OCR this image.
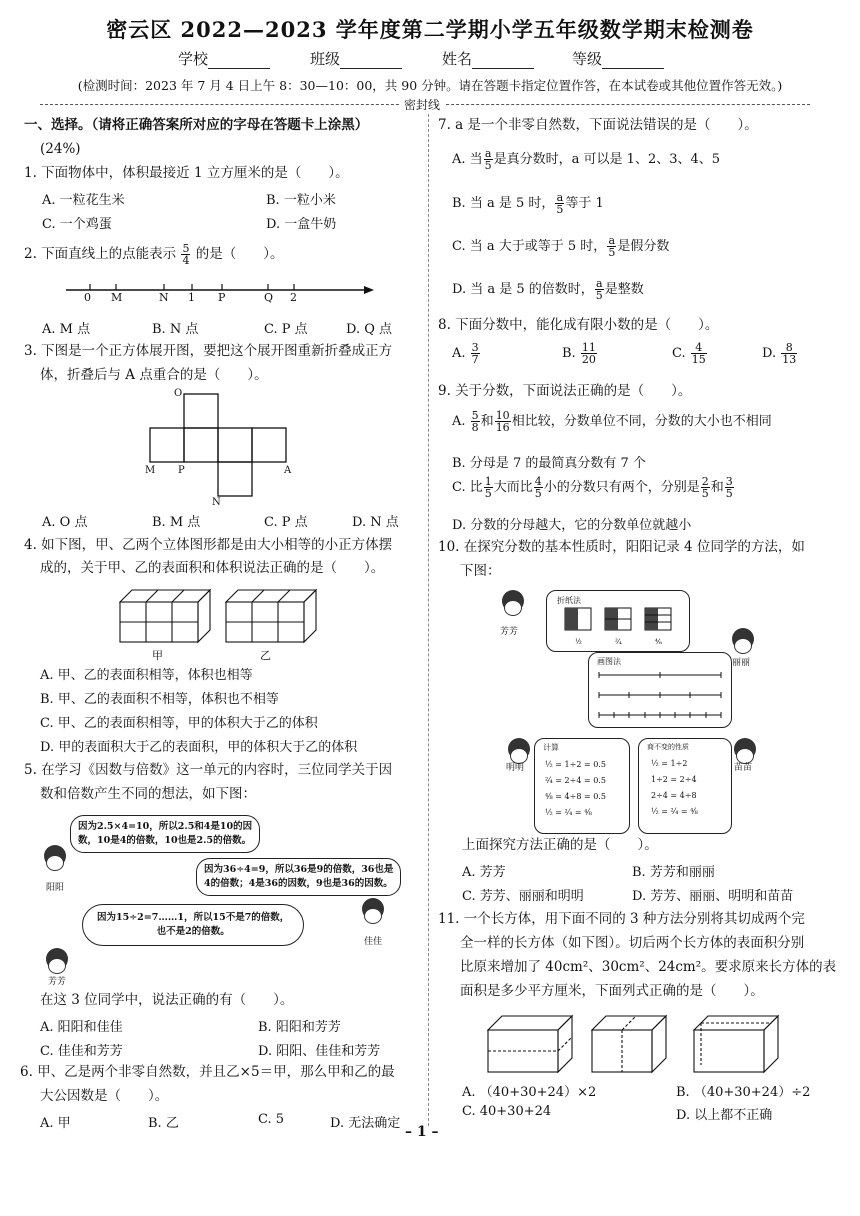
密云区 2022—2023 学年度第二学期小学五年级数学期末检测卷
学校	班级	姓名	等级
(检测时间：2023 年 7 月 4 日上午 8：30—10：00，共 90 分钟。请在答题卡指定位置作答，在本试卷或其他位置作答无效。)
密封线
一、选择。（请将正确答案所对应的字母在答题卡上涂黑）
(24%)
1. 下面物体中，体积最接近 1 立方厘米的是（　　）。
A. 一粒花生米	B. 一粒小米
C. 一个鸡蛋	D. 一盒牛奶
2. 下面直线上的点能表示 $\frac{5}{4}$ 的是（　　）。
0 M	N 1 P	Q 2
A. M 点	B. N 点	C. P 点	D. Q 点
3. 下图是一个正方体展开图，要把这个展开图重新折叠成正方
体，折叠后与 A 点重合的是（　　）。
O
M P	A
N
A. O 点	B. M 点	C. P 点	D. N 点
4. 如下图，甲、乙两个立体图形都是由大小相等的小正方体摆
成的，关于甲、乙的表面积和体积说法正确的是（　　）。
甲	乙
A. 甲、乙的表面积相等，体积也相等
B. 甲、乙的表面积不相等，体积也不相等
C. 甲、乙的表面积相等，甲的体积大于乙的体积
D. 甲的表面积大于乙的表面积，甲的体积大于乙的体积
5. 在学习《因数与倍数》这一单元的内容时，三位同学关于因
数和倍数产生不同的想法，如下图：
因为2.5×4=10，所以2.5和4是10的因
数，10是4的倍数，10也是2.5的倍数。
阳阳
因为36÷4=9，所以36是9的倍数，36也是
4的倍数；4是36的因数，9也是36的因数。
佳佳
因为15÷2=7……1，所以15不是7的倍数，
也不是2的倍数。
芳芳
在这 3 位同学中，说法正确的有（　　）。
A. 阳阳和佳佳	B. 阳阳和芳芳
C. 佳佳和芳芳	D. 阳阳、佳佳和芳芳
6. 甲、乙是两个非零自然数，并且乙×5＝甲，那么甲和乙的最
大公因数是（　　）。
A. 甲	B. 乙	C. 5	D. 无法确定
7. a 是一个非零自然数，下面说法错误的是（　　）。
A. 当 $\frac{a}{5}$ 是真分数时，a 可以是 1、2、3、4、5
B. 当 a 是 5 时， $\frac{a}{5}$ 等于 1
C. 当 a 大于或等于 5 时， $\frac{a}{5}$ 是假分数
D. 当 a 是 5 的倍数时， $\frac{a}{5}$ 是整数
8. 下面分数中，能化成有限小数的是（　　）。
A. $\frac{3}{7}$	B. $\frac{11}{20}$	C. $\frac{4}{15}$	D. $\frac{8}{13}$
9. 关于分数，下面说法正确的是（　　）。
A. $\frac{5}{8}$ 和 $\frac{10}{16}$ 相比较，分数单位不同，分数的大小也不相同
B. 分母是 7 的最简真分数有 7 个
C. 比 $\frac{1}{5}$ 大而比 $\frac{4}{5}$ 小的分数只有两个，分别是 $\frac{2}{5}$ 和 $\frac{3}{5}$
D. 分数的分母越大，它的分数单位就越小
10. 在探究分数的基本性质时，阳阳记录 4 位同学的方法，如
下图：
芳芳
折纸法
½	²⁄₄	⁴⁄₈
丽丽
画图法
明明
计算
½ = 1÷2 = 0.5
²⁄₄ = 2÷4 = 0.5
⁴⁄₈ = 4÷8 = 0.5
½ = ²⁄₄ = ⁴⁄₈
苗苗
商不变的性质
½ = 1÷2
1÷2 = 2÷4
2÷4 = 4÷8
½ = ²⁄₄ = ⁴⁄₈
上面探究方法正确的是（　　）。
A. 芳芳	B. 芳芳和丽丽
C. 芳芳、丽丽和明明	D. 芳芳、丽丽、明明和苗苗
11. 一个长方体，用下面不同的 3 种方法分别将其切成两个完
全一样的长方体（如下图）。切后两个长方体的表面积分别
比原来增加了 40cm²、30cm²、24cm²。要求原来长方体的表
面积是多少平方厘米，下面列式正确的是（　　）。
A. （40+30+24）×2	B. （40+30+24）÷2
C. 40+30+24	D. 以上都不正确
– 1 –
